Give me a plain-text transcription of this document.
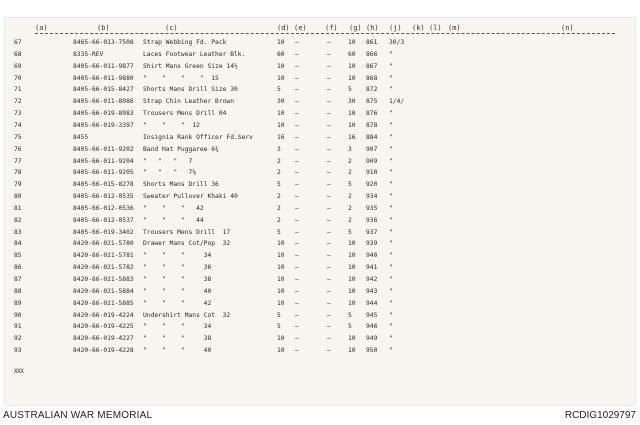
(a)	(b)	(c)	(d) (e)	(f) (g) (h) (j) (k) (l) (m)	(n)
67	8465-66-013-7508 Strap Webbing Fd. Pack	10 –	–	10 861 30/3
68	8335-REV	Laces Footwear Leather Blk.	60 –	–	60 866 "
69	8405-66-011-9877 Shirt Mans Green Size 14½	10 –	–	10 867 "
70	8405-66-011-9880 "    "    "    "  15	10 –	–	10 868 "
71	8405-66-015-8427 Shorts Mans Drill Size 30	5 –	–	5 872 "
72	8405-66-011-8086 Strap Chin Leather Brown	30 –	–	30 875 1/4/
73	8405-66-019-8983 Trousers Mens Drill 04	10 –	–	10 876 "
74	8405-66-019-3397 "    "    "  12	10 –	–	10 878 "
75	8455	Insignia Rank Officer Fd.Serv	16 –	–	16 884 "
76	8405-66-011-9202 Band Hat Puggaree 6¾	3 –	–	3 907 "
77	8405-66-011-9204 "   "   "   7	2 –	–	2 909 "
78	8405-66-011-9205 "   "   "   7⅛	2 –	–	2 910 "
79	8405-66-015-8278 Shorts Mans Drill 36	5 –	–	5 920 "
80	8405-66-012-0535 Sweater Pullover Khaki 40	2 –	–	2 934 "
81	8405-66-012-0536 "    "    "   42	2 –	–	2 935 "
82	8405-66-012-0537 "    "    "   44	2 –	–	2 936 "
83	8405-66-019-3402 Trousers Mens Drill  17	5 –	–	5 937 "
84	8420-66-021-5780 Drawer Mans Cot/Pop  32	10 –	–	10 939 "
85	8420-66-021-5781 "    "    "     34	10 –	–	10 940 "
86	8420-66-021-5782 "    "    "     36	10 –	–	10 941 "
87	8420-66-021-5883 "    "    "     38	10 –	–	10 942 "
88	8420-66-021-5884 "    "    "     40	10 –	–	10 943 "
89	8420-66-021-5885 "    "    "     42	10 –	–	10 944 "
90	8420-66-019-4224 Undershirt Mans Cot  32	5 –	–	5 945 "
91	8420-66-019-4225 "    "    "     34	5 –	–	5 946 "
92	8420-66-019-4227 "    "    "     38	10 –	–	10 949 "
93	8420-66-019-4228 "    "    "     40	10 –	–	10 950 "
XXX
AUSTRALIAN WAR MEMORIAL	RCDIG1029797
